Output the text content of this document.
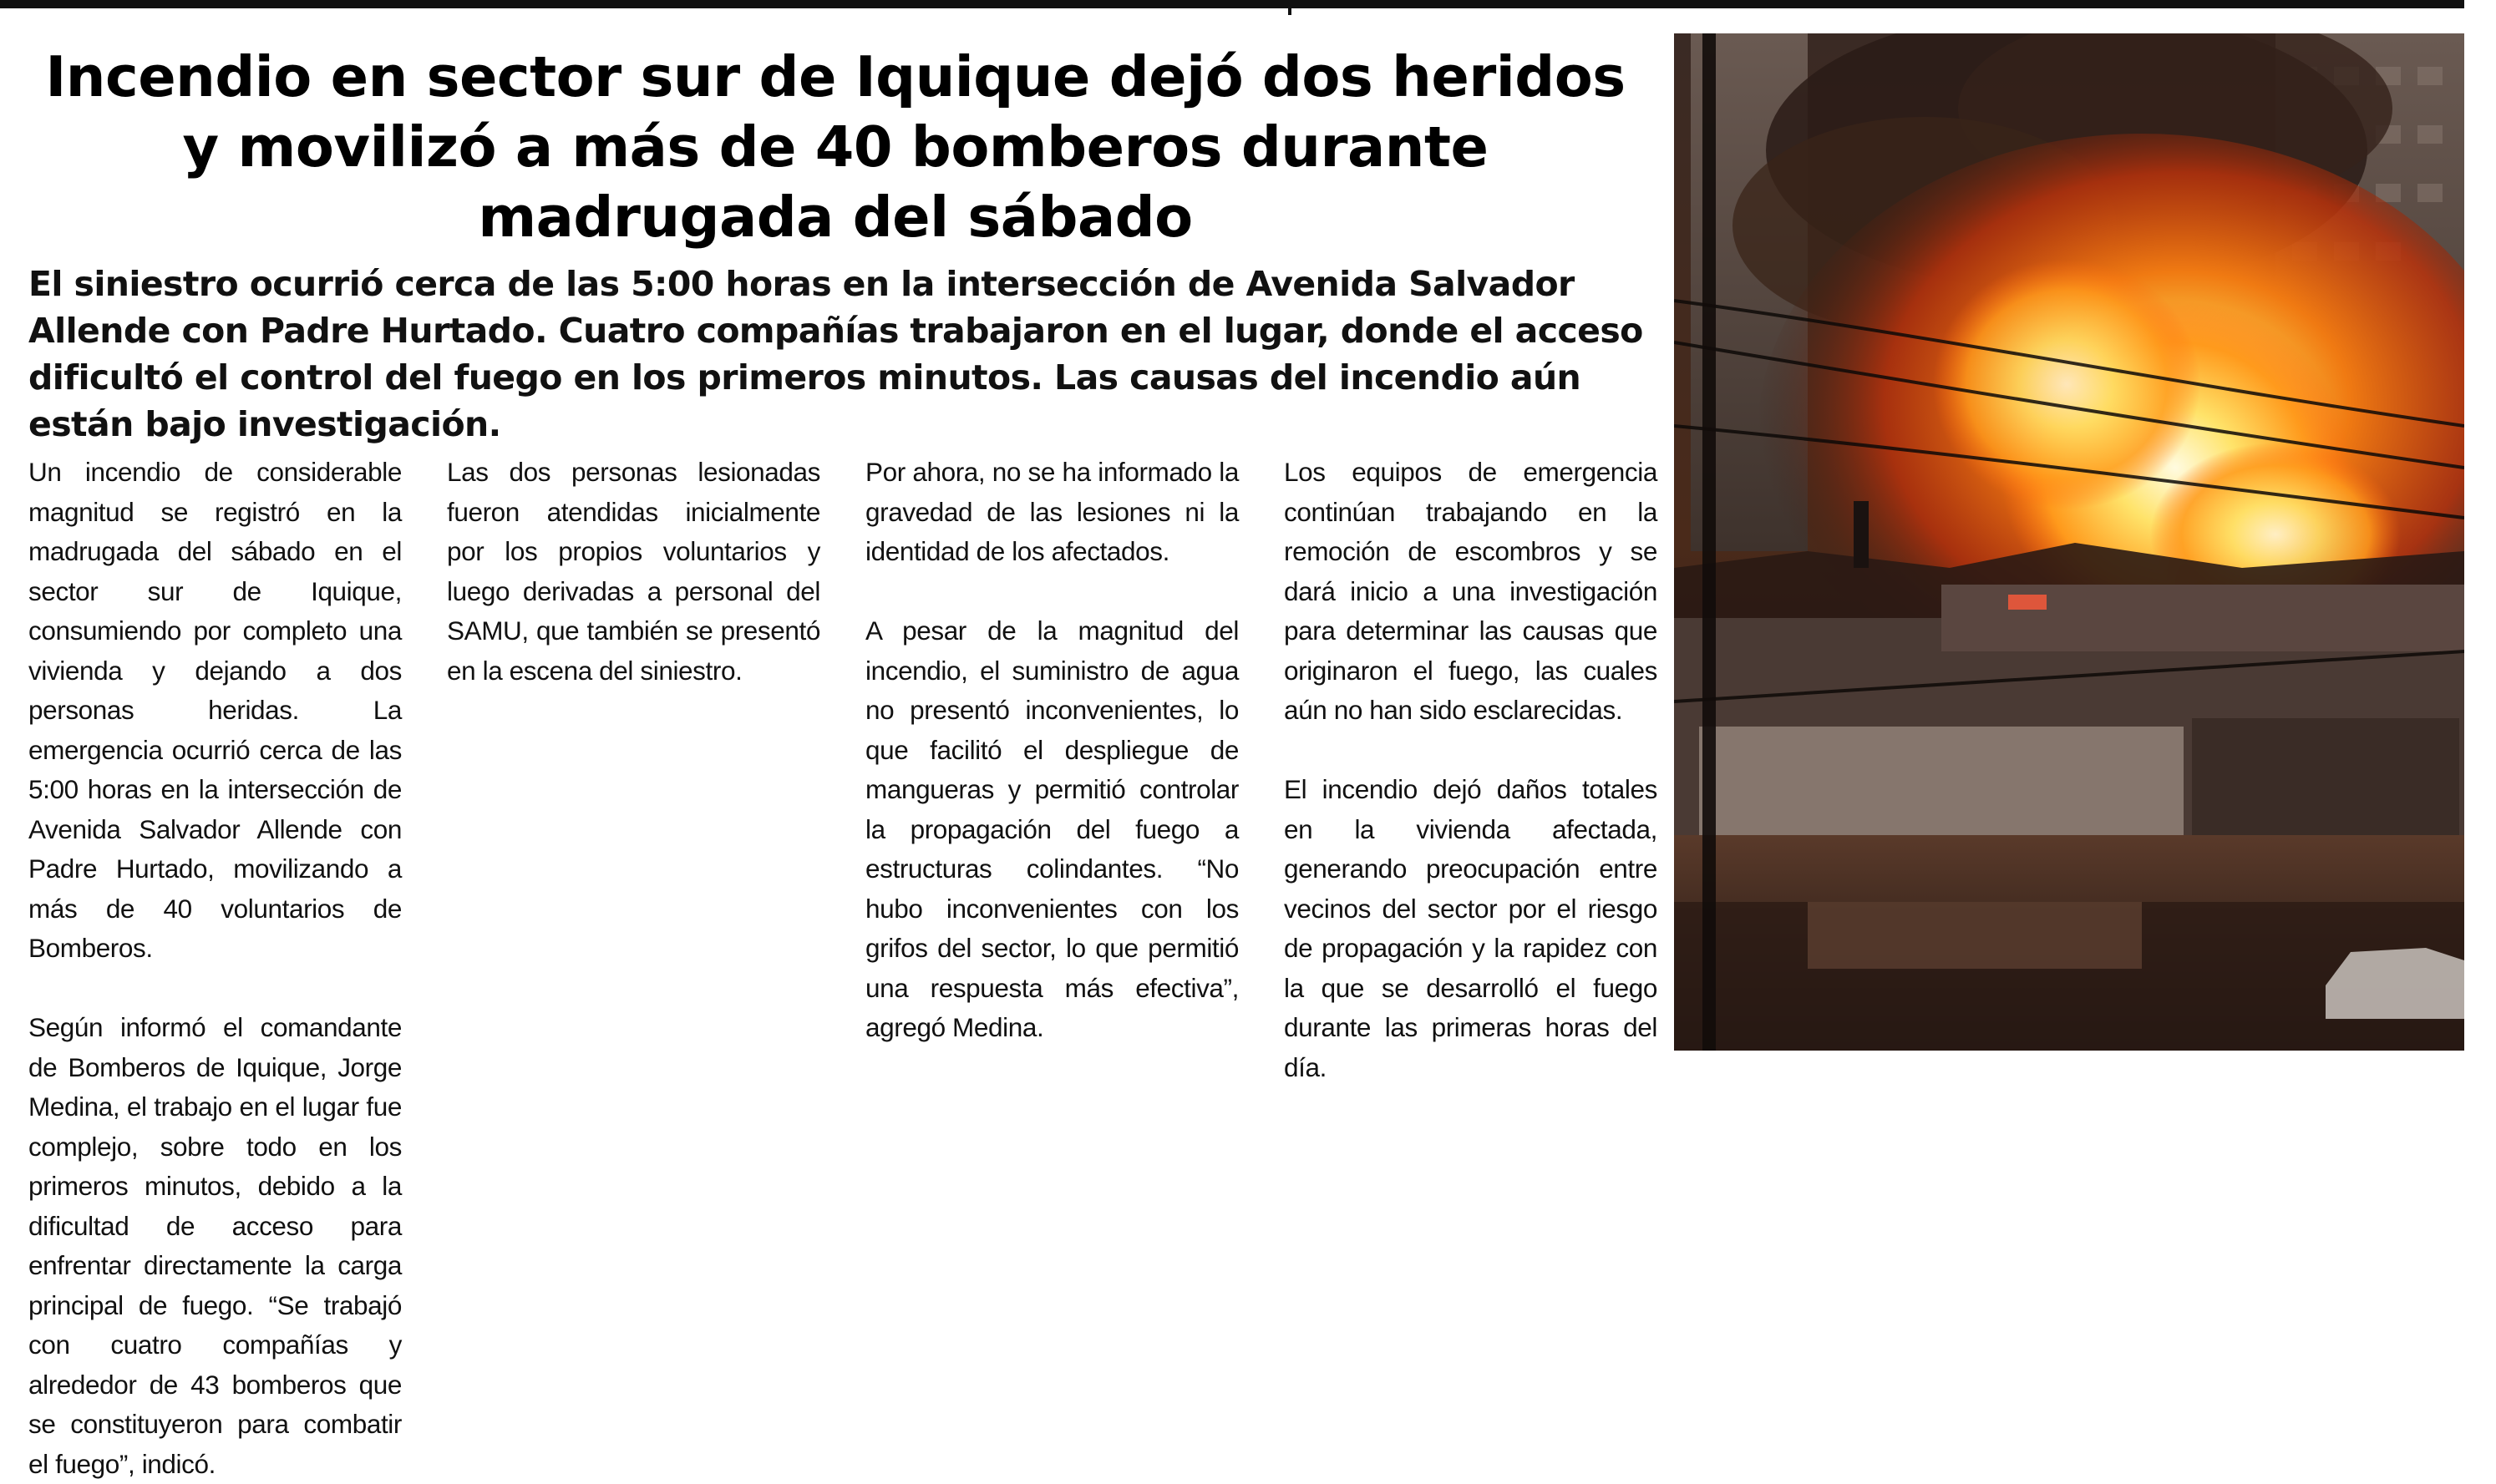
Incendio en sector sur de Iquique dejó dos heridos y movilizó a más de 40 bomberos durante madrugada del sábado

El siniestro ocurrió cerca de las 5:00 horas en la intersección de Avenida Salvador Allende con Padre Hurtado. Cuatro compañías trabajaron en el lugar, donde el acceso dificultó el control del fuego en los primeros minutos. Las causas del incendio aún están bajo investigación.

Un incendio de considerable magnitud se registró en la madrugada del sábado en el sector sur de Iquique, consumiendo por completo una vivienda y dejando a dos personas heridas. La emergencia ocurrió cerca de las 5:00 horas en la intersección de Avenida Salvador Allende con Padre Hurtado, movilizando a más de 40 voluntarios de Bomberos.

Según informó el comandante de Bomberos de Iquique, Jorge Medina, el trabajo en el lugar fue complejo, sobre todo en los primeros minutos, debido a la dificultad de acceso para enfrentar directamente la carga principal de fuego. “Se trabajó con cuatro compañías y alrededor de 43 bomberos que se constituyeron para combatir el fuego”, indicó.

Las dos personas lesionadas fueron atendidas inicialmente por los propios voluntarios y luego derivadas a personal del SAMU, que también se presentó en la escena del siniestro.

Por ahora, no se ha informado la gravedad de las lesiones ni la identidad de los afectados.

A pesar de la magnitud del incendio, el suministro de agua no presentó inconvenientes, lo que facilitó el despliegue de mangueras y permitió controlar la propagación del fuego a estructuras colindantes. “No hubo inconvenientes con los grifos del sector, lo que permitió una respuesta más efectiva”, agregó Medina.

Los equipos de emergencia continúan trabajando en la remoción de escombros y se dará inicio a una investigación para determinar las causas que originaron el fuego, las cuales aún no han sido esclarecidas.

El incendio dejó daños totales en la vivienda afectada, generando preocupación entre vecinos del sector por el riesgo de propagación y la rapidez con la que se desarrolló el fuego durante las primeras horas del día.
